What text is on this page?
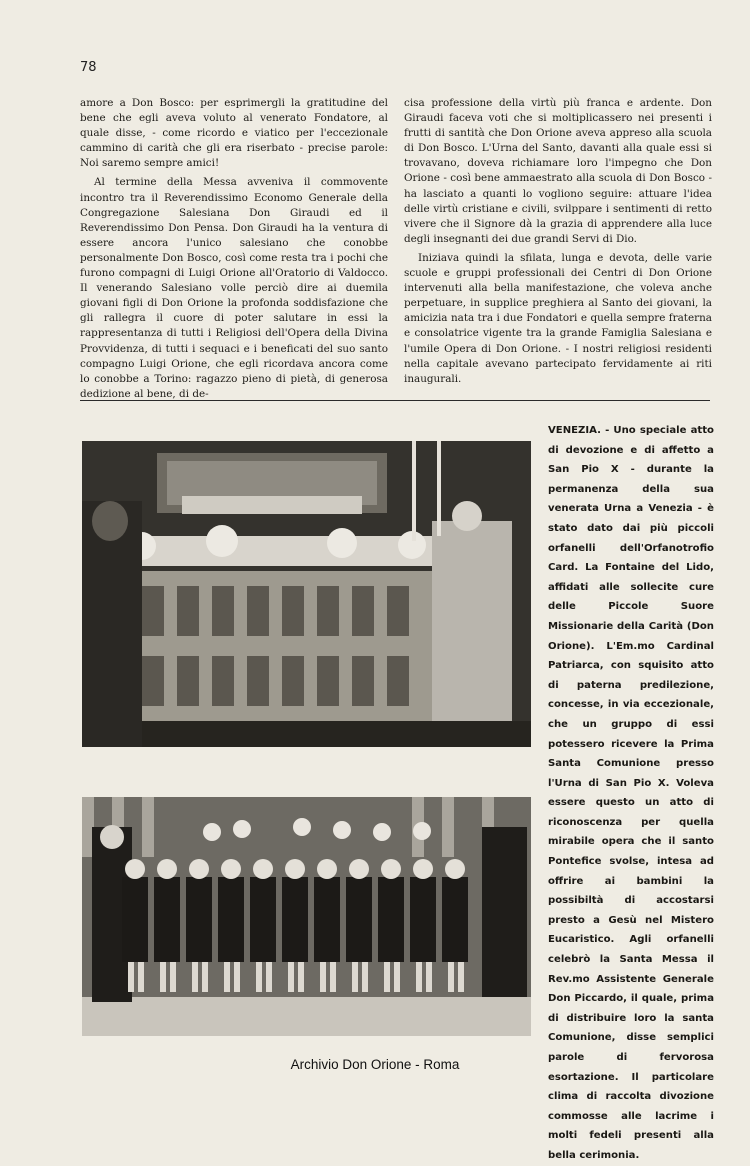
78

amore a Don Bosco: per esprimergli la gratitudine del bene che egli aveva voluto al venerato Fondatore, al quale disse, - come ricordo e viatico per l'eccezionale cammino di carità che gli era riserbato - precise parole: Noi saremo sempre amici!

Al termine della Messa avveniva il commovente incontro tra il Reverendissimo Economo Generale della Congregazione Salesiana Don Giraudi ed il Reverendissimo Don Pensa. Don Giraudi ha la ventura di essere ancora l'unico salesiano che conobbe personalmente Don Bosco, così come resta tra i pochi che furono compagni di Luigi Orione all'Oratorio di Valdocco. Il venerando Salesiano volle perciò dire ai duemila giovani figli di Don Orione la profonda soddisfazione che gli rallegra il cuore di poter salutare in essi la rappresentanza di tutti i Religiosi dell'Opera della Divina Provvidenza, di tutti i sequaci e i beneficati del suo santo compagno Luigi Orione, che egli ricordava ancora come lo conobbe a Torino: ragazzo pieno di pietà, di generosa dedizione al bene, di de-

cisa professione della virtù più franca e ardente. Don Giraudi faceva voti che si moltiplicassero nei presenti i frutti di santità che Don Orione aveva appreso alla scuola di Don Bosco. L'Urna del Santo, davanti alla quale essi si trovavano, doveva richiamare loro l'impegno che Don Orione - così bene ammaestrato alla scuola di Don Bosco - ha lasciato a quanti lo vogliono seguire: attuare l'idea delle virtù cristiane e civili, svilppare i sentimenti di retto vivere che il Signore dà la grazia di apprendere alla luce degli insegnanti dei due grandi Servi di Dio.

Iniziava quindi la sfilata, lunga e devota, delle varie scuole e gruppi professionali dei Centri di Don Orione intervenuti alla bella manifestazione, che voleva anche perpetuare, in supplice preghiera al Santo dei giovani, la amicizia nata tra i due Fondatori e quella sempre fraterna e consolatrice vigente tra la grande Famiglia Salesiana e l'umile Opera di Don Orione. - I nostri religiosi residenti nella capitale avevano partecipato fervidamente ai riti inaugurali.

VENEZIA. - Uno speciale atto di devozione e di affetto a San Pio X - durante la permanenza della sua venerata Urna a Venezia - è stato dato dai più piccoli orfanelli dell'Orfanotrofio Card. La Fontaine del Lido, affidati alle sollecite cure delle Piccole Suore Missionarie della Carità (Don Orione). L'Em.mo Cardinal Patriarca, con squisito atto di paterna predilezione, concesse, in via eccezionale, che un gruppo di essi potessero ricevere la Prima Santa Comunione presso l'Urna di San Pio X. Voleva essere questo un atto di riconoscenza per quella mirabile opera che il santo Pontefice svolse, intesa ad offrire ai bambini la possibiltà di accostarsi presto a Gesù nel Mistero Eucaristico. Agli orfanelli celebrò la Santa Messa il Rev.mo Assistente Generale Don Piccardo, il quale, prima di distribuire loro la santa Comunione, disse semplici parole di fervorosa esortazione. Il particolare clima di raccolta divozione commosse alle lacrime i molti fedeli presenti alla bella cerimonia.
Archivio Don Orione - Roma
